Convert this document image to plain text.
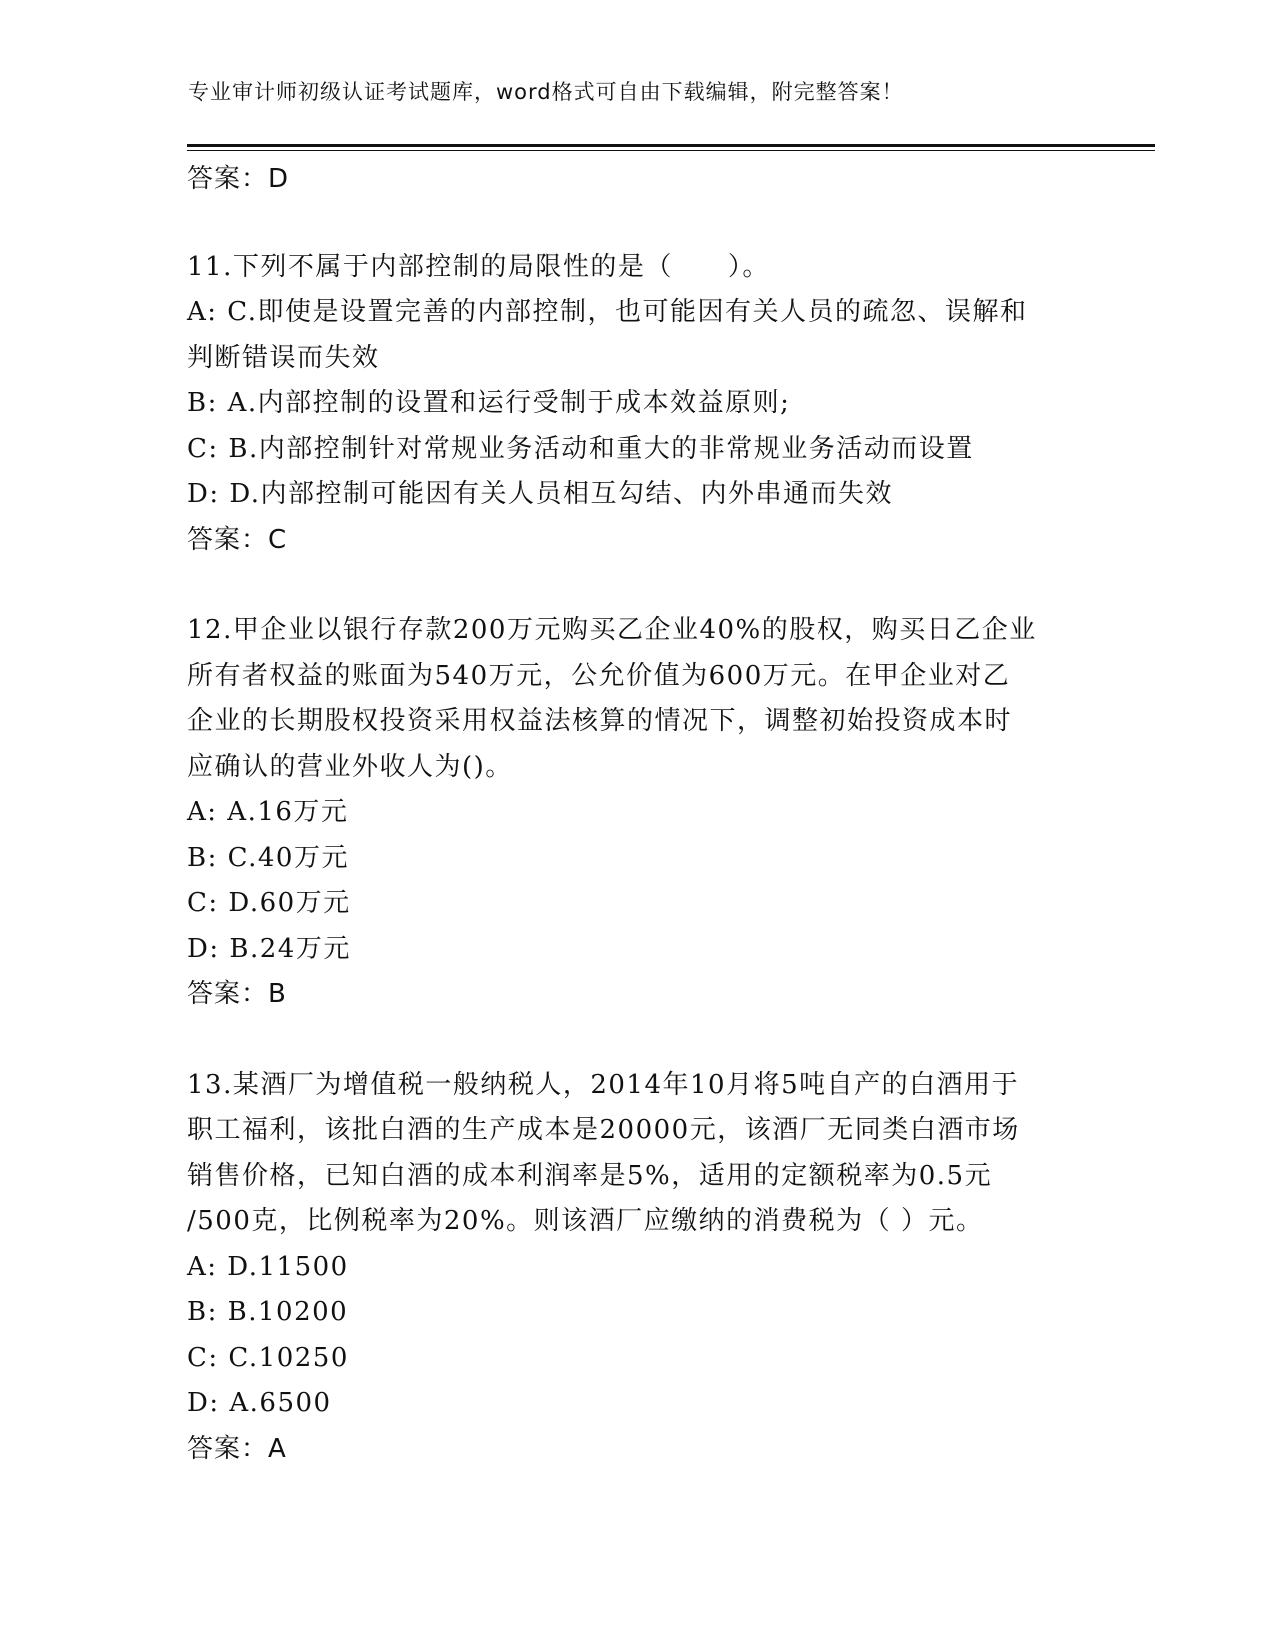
专业审计师初级认证考试题库，word格式可自由下载编辑，附完整答案！
答案：D
11.下列不属于内部控制的局限性的是（　　）。
A: C.即使是设置完善的内部控制，也可能因有关人员的疏忽、误解和
判断错误而失效
B: A.内部控制的设置和运行受制于成本效益原则;
C: B.内部控制针对常规业务活动和重大的非常规业务活动而设置
D: D.内部控制可能因有关人员相互勾结、内外串通而失效
答案：C
12.甲企业以银行存款200万元购买乙企业40%的股权，购买日乙企业
所有者权益的账面为540万元，公允价值为600万元。在甲企业对乙
企业的长期股权投资采用权益法核算的情况下，调整初始投资成本时
应确认的营业外收人为()。
A: A.16万元
B: C.40万元
C: D.60万元
D: B.24万元
答案：B
13.某酒厂为增值税一般纳税人，2014年10月将5吨自产的白酒用于
职工福利，该批白酒的生产成本是20000元，该酒厂无同类白酒市场
销售价格，已知白酒的成本利润率是5%，适用的定额税率为0.5元
/500克，比例税率为20%。则该酒厂应缴纳的消费税为（ ）元。
A: D.11500
B: B.10200
C: C.10250
D: A.6500
答案：A
